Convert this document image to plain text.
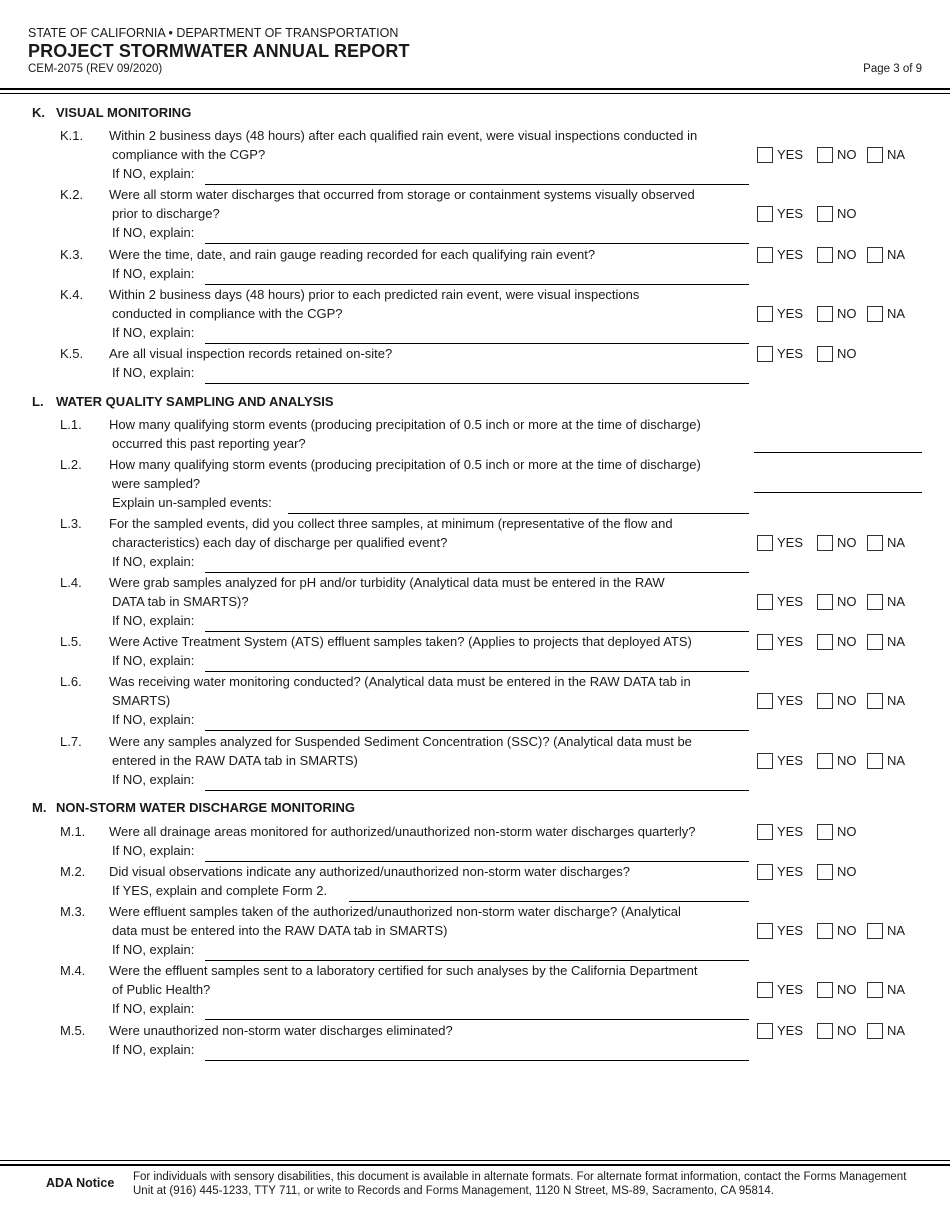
STATE OF CALIFORNIA • DEPARTMENT OF TRANSPORTATION
PROJECT STORMWATER ANNUAL REPORT
CEM-2075 (REV 09/2020)	Page 3 of 9
K. VISUAL MONITORING
K.1. Within 2 business days (48 hours) after each qualified rain event, were visual inspections conducted in
compliance with the CGP?
If NO, explain:
YES	NO NA
K.2. Were all storm water discharges that occurred from storage or containment systems visually observed
prior to discharge?
If NO, explain:
YES	NO
K.3. Were the time, date, and rain gauge reading recorded for each qualifying rain event?
If NO, explain:
YES	NO NA
K.4. Within 2 business days (48 hours) prior to each predicted rain event, were visual inspections
conducted in compliance with the CGP?
If NO, explain:
YES	NO NA
K.5. Are all visual inspection records retained on-site?
If NO, explain:
YES	NO
L. WATER QUALITY SAMPLING AND ANALYSIS
L.1. How many qualifying storm events (producing precipitation of 0.5 inch or more at the time of discharge)
occurred this past reporting year?
L.2. How many qualifying storm events (producing precipitation of 0.5 inch or more at the time of discharge)
were sampled?
Explain un-sampled events:
L.3. For the sampled events, did you collect three samples, at minimum (representative of the flow and
characteristics) each day of discharge per qualified event?
If NO, explain:
YES	NO NA
L.4. Were grab samples analyzed for pH and/or turbidity (Analytical data must be entered in the RAW
DATA tab in SMARTS)?
If NO, explain:
YES	NO NA
L.5. Were Active Treatment System (ATS) effluent samples taken? (Applies to projects that deployed ATS)
If NO, explain:
YES	NO NA
L.6. Was receiving water monitoring conducted? (Analytical data must be entered in the RAW DATA tab in
SMARTS)
If NO, explain:
YES	NO NA
L.7. Were any samples analyzed for Suspended Sediment Concentration (SSC)? (Analytical data must be
entered in the RAW DATA tab in SMARTS)
If NO, explain:
YES	NO NA
M. NON-STORM WATER DISCHARGE MONITORING
M.1. Were all drainage areas monitored for authorized/unauthorized non-storm water discharges quarterly?
If NO, explain:
YES	NO
M.2. Did visual observations indicate any authorized/unauthorized non-storm water discharges?
If YES, explain and complete Form 2.
YES	NO
M.3. Were effluent samples taken of the authorized/unauthorized non-storm water discharge? (Analytical
data must be entered into the RAW DATA tab in SMARTS)
If NO, explain:
YES	NO NA
M.4. Were the effluent samples sent to a laboratory certified for such analyses by the California Department
of Public Health?
If NO, explain:
YES	NO NA
M.5. Were unauthorized non-storm water discharges eliminated?
If NO, explain:
YES	NO NA
ADA Notice For individuals with sensory disabilities, this document is available in alternate formats. For alternate format information, contact the Forms Management Unit at (916) 445-1233, TTY 711, or write to Records and Forms Management, 1120 N Street, MS-89, Sacramento, CA 95814.
